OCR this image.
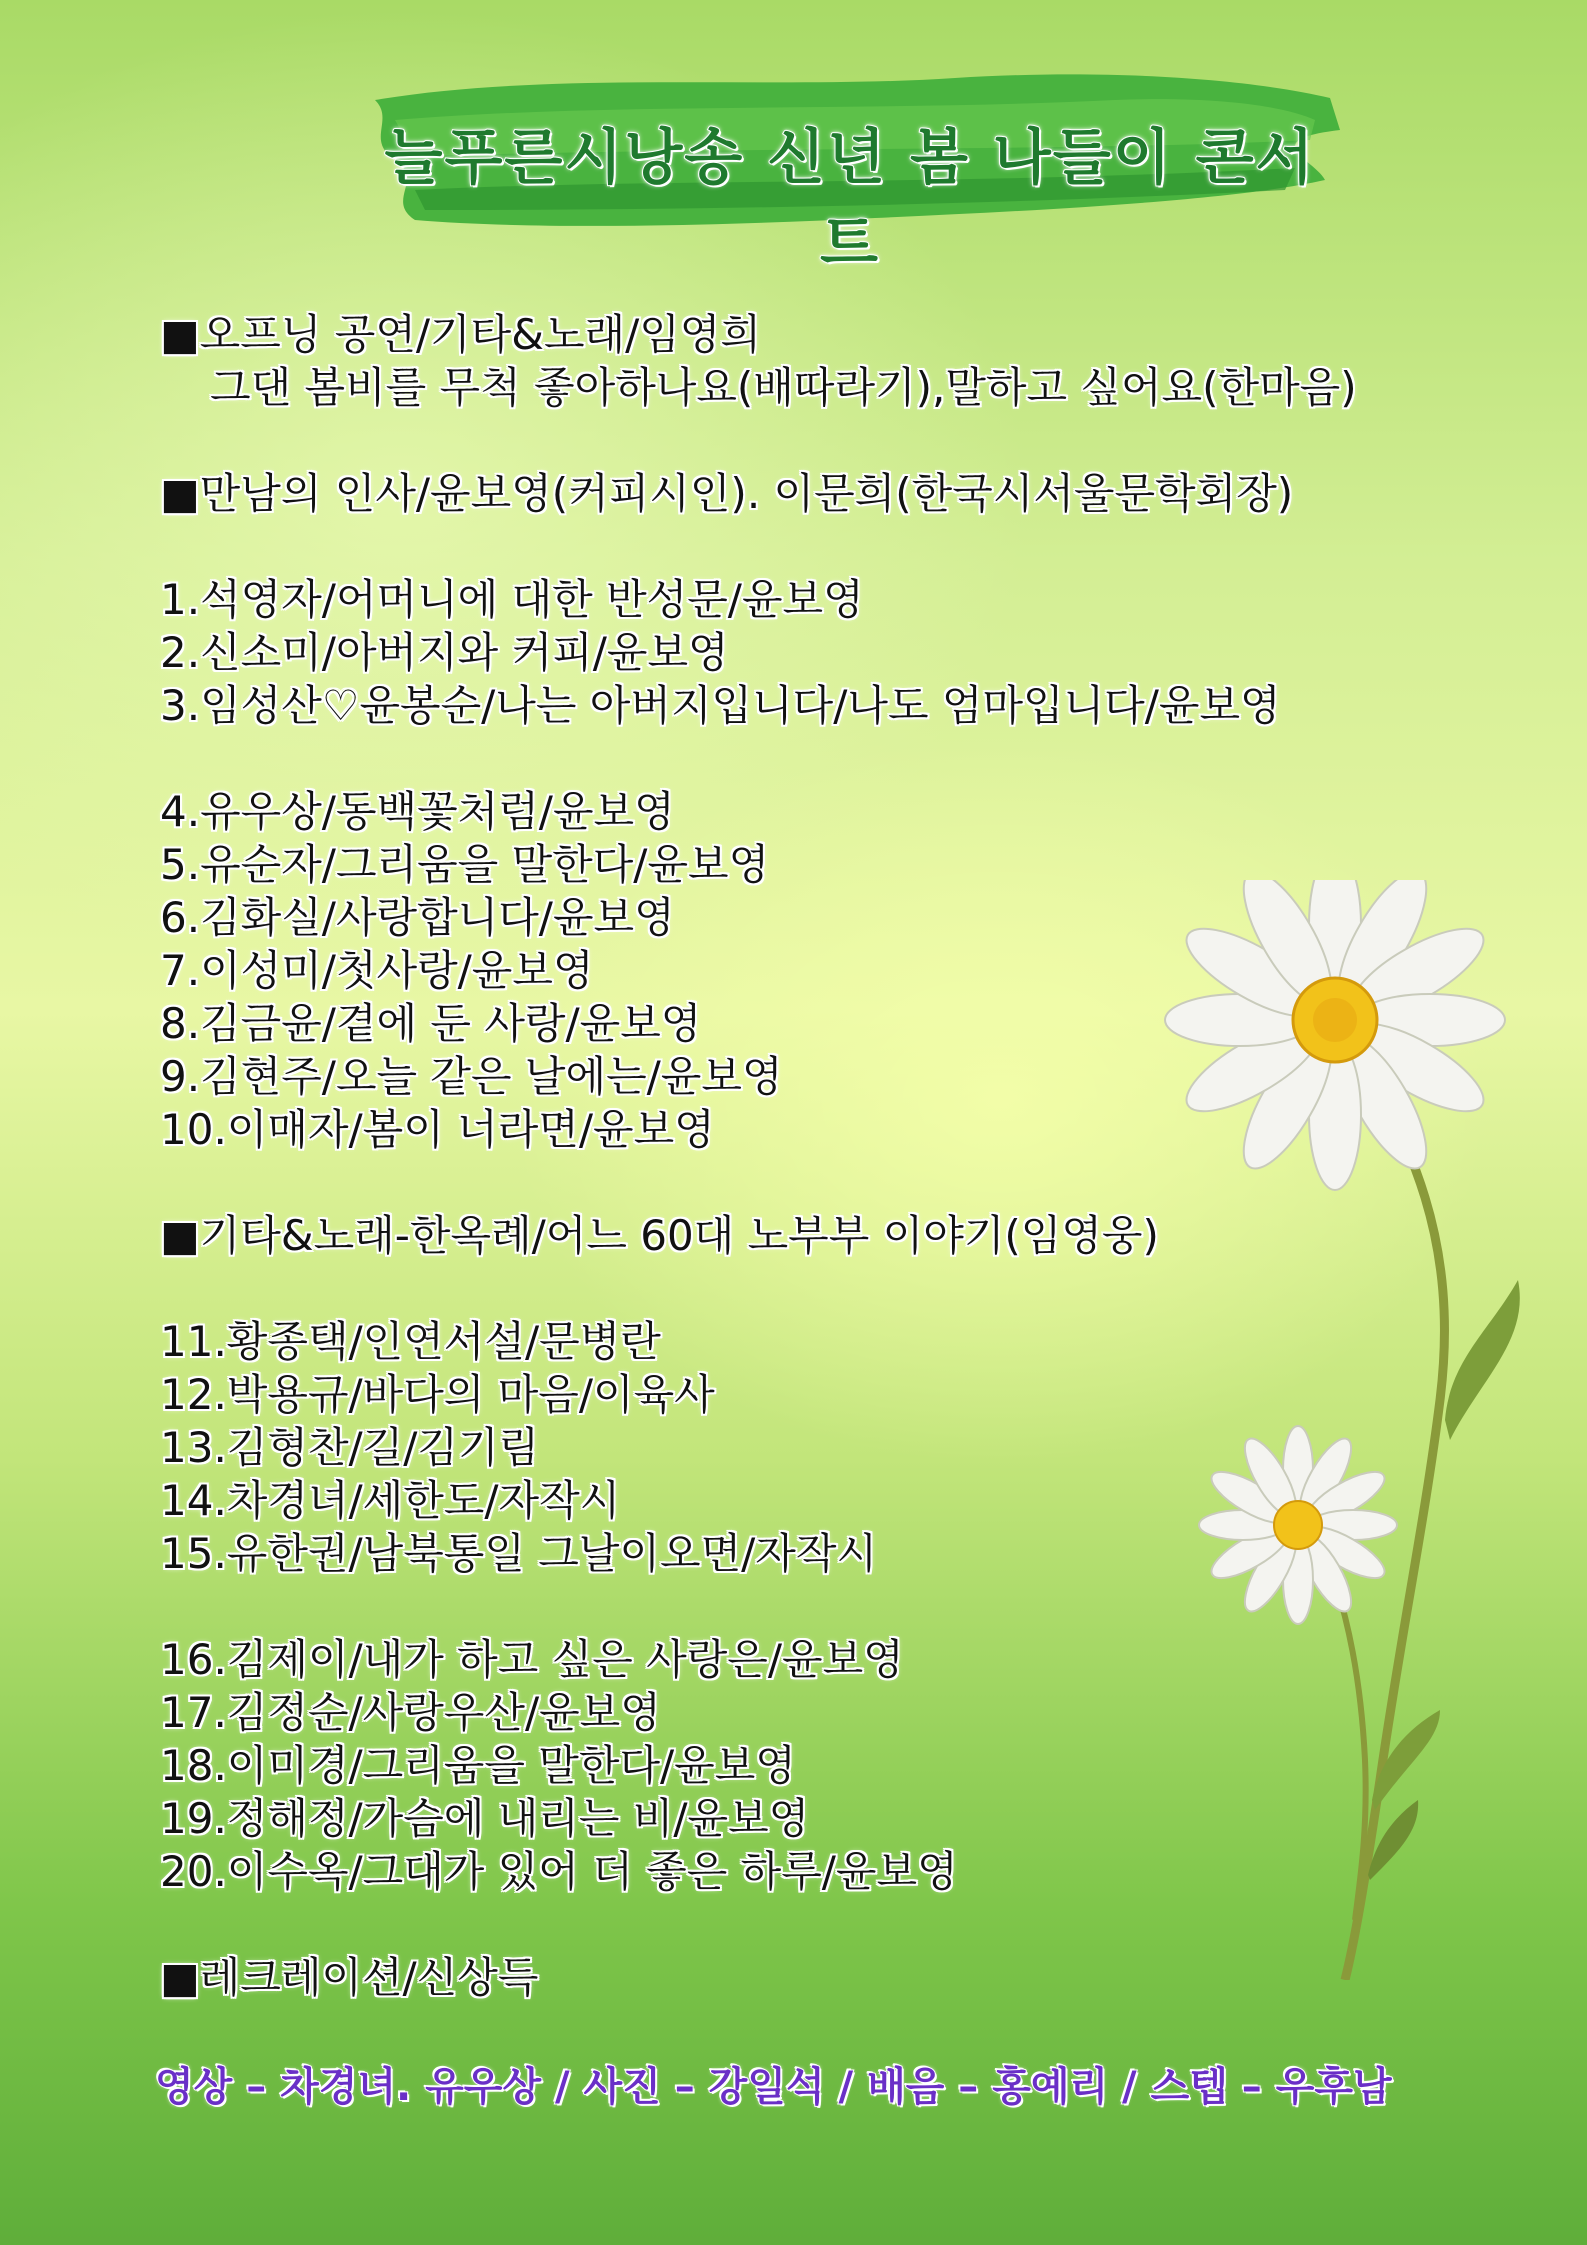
늘푸른시낭송 신년 봄 나들이 콘서트
■오프닝 공연/기타&노래/임영희
그댄 봄비를 무척 좋아하나요(배따라기),말하고 싶어요(한마음)
■만남의 인사/윤보영(커피시인). 이문희(한국시서울문학회장)
1.석영자/어머니에 대한 반성문/윤보영
2.신소미/아버지와 커피/윤보영
3.임성산♡윤봉순/나는 아버지입니다/나도 엄마입니다/윤보영
4.유우상/동백꽃처럼/윤보영
5.유순자/그리움을 말한다/윤보영
6.김화실/사랑합니다/윤보영
7.이성미/첫사랑/윤보영
8.김금윤/곁에 둔 사랑/윤보영
9.김현주/오늘 같은 날에는/윤보영
10.이매자/봄이 너라면/윤보영
■기타&노래-한옥례/어느 60대 노부부 이야기(임영웅)
11.황종택/인연서설/문병란
12.박용규/바다의 마음/이육사
13.김형찬/길/김기림
14.차경녀/세한도/자작시
15.유한권/남북통일 그날이오면/자작시
16.김제이/내가 하고 싶은 사랑은/윤보영
17.김정순/사랑우산/윤보영
18.이미경/그리움을 말한다/윤보영
19.정해정/가슴에 내리는 비/윤보영
20.이수옥/그대가 있어 더 좋은 하루/윤보영
■레크레이션/신상득
영상 – 차경녀. 유우상 / 사진 – 강일석 / 배음 – 홍예리 / 스텝 – 우후남
